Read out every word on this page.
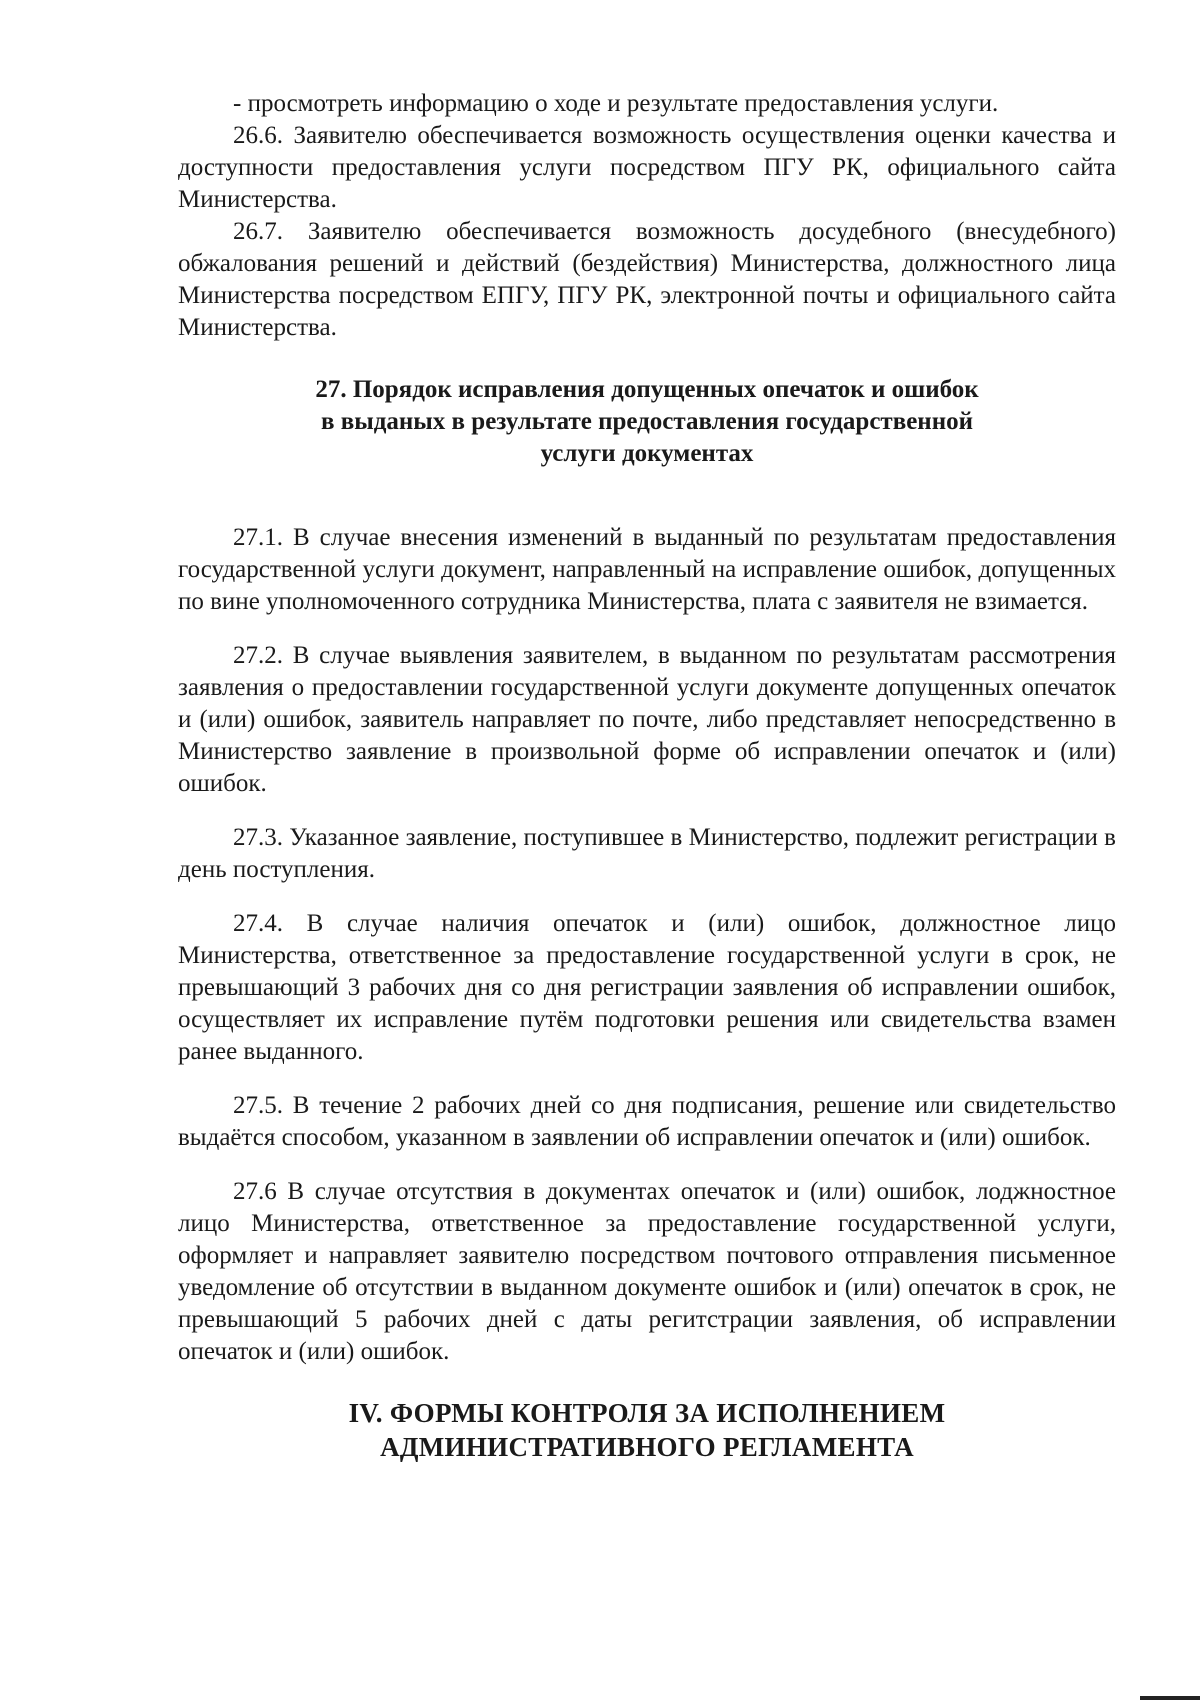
- просмотреть информацию о ходе и результате предоставления услуги.

26.6. Заявителю обеспечивается возможность осуществления оценки качества и доступности предоставления услуги посредством ПГУ РК, официального сайта Министерства.

26.7. Заявителю обеспечивается возможность досудебного (внесудебного) обжалования решений и действий (бездействия) Министерства, должностного лица Министерства посредством ЕПГУ, ПГУ РК, электронной почты и официального сайта Министерства.

27. Порядок исправления допущенных опечаток и ошибок
в выданых в результате предоставления государственной
услуги документах

27.1. В случае внесения изменений в выданный по результатам предоставления государственной услуги документ, направленный на исправление ошибок, допущенных по вине уполномоченного сотрудника Министерства, плата с заявителя не взимается.

27.2. В случае выявления заявителем, в выданном по результатам рассмотрения заявления о предоставлении государственной услуги документе допущенных опечаток и (или) ошибок, заявитель направляет по почте, либо представляет непосредственно в Министерство заявление в произвольной форме об исправлении опечаток и (или) ошибок.

27.3. Указанное заявление, поступившее в Министерство, подлежит регистрации в день поступления.

27.4. В случае наличия опечаток и (или) ошибок, должностное лицо Министерства, ответственное за предоставление государственной услуги в срок, не превышающий 3 рабочих дня со дня регистрации заявления об исправлении ошибок, осуществляет их исправление путём подготовки решения или свидетельства взамен ранее выданного.

27.5. В течение 2 рабочих дней со дня подписания, решение или свидетельство выдаётся способом, указанном в заявлении об исправлении опечаток и (или) ошибок.

27.6 В случае отсутствия в документах опечаток и (или) ошибок, лоджностное лицо Министерства, ответственное за предоставление государственной услуги, оформляет и направляет заявителю посредством почтового отправления письменное уведомление об отсутствии в выданном документе ошибок и (или) опечаток в срок, не превышающий 5 рабочих дней с даты регитстрации заявления, об исправлении опечаток и (или) ошибок.

IV. ФОРМЫ КОНТРОЛЯ ЗА ИСПОЛНЕНИЕМ
АДМИНИСТРАТИВНОГО РЕГЛАМЕНТА
